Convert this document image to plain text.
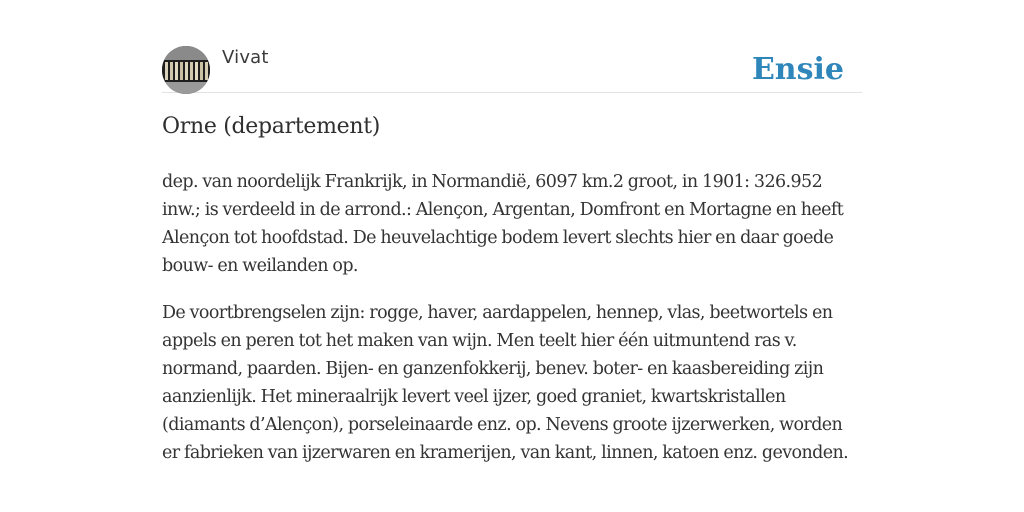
Vivat	Ensie
Orne (departement)

dep. van noordelijk Frankrijk, in Normandië, 6097 km.2 groot, in 1901: 326.952 inw.; is verdeeld in de arrond.: Alençon, Argentan, Domfront en Mortagne en heeft Alençon tot hoofdstad. De heuvelachtige bodem levert slechts hier en daar goede bouw- en weilanden op.

De voortbrengselen zijn: rogge, haver, aardappelen, hennep, vlas, beetwortels en appels en peren tot het maken van wijn. Men teelt hier één uitmuntend ras v. normand, paarden. Bijen- en ganzenfokkerij, benev. boter- en kaasbereiding zijn aanzienlijk. Het mineraalrijk levert veel ijzer, goed graniet, kwartskristallen (diamants d’Alençon), porseleinaarde enz. op. Nevens groote ijzerwerken, worden er fabrieken van ijzerwaren en kramerijen, van kant, linnen, katoen enz. gevonden.
